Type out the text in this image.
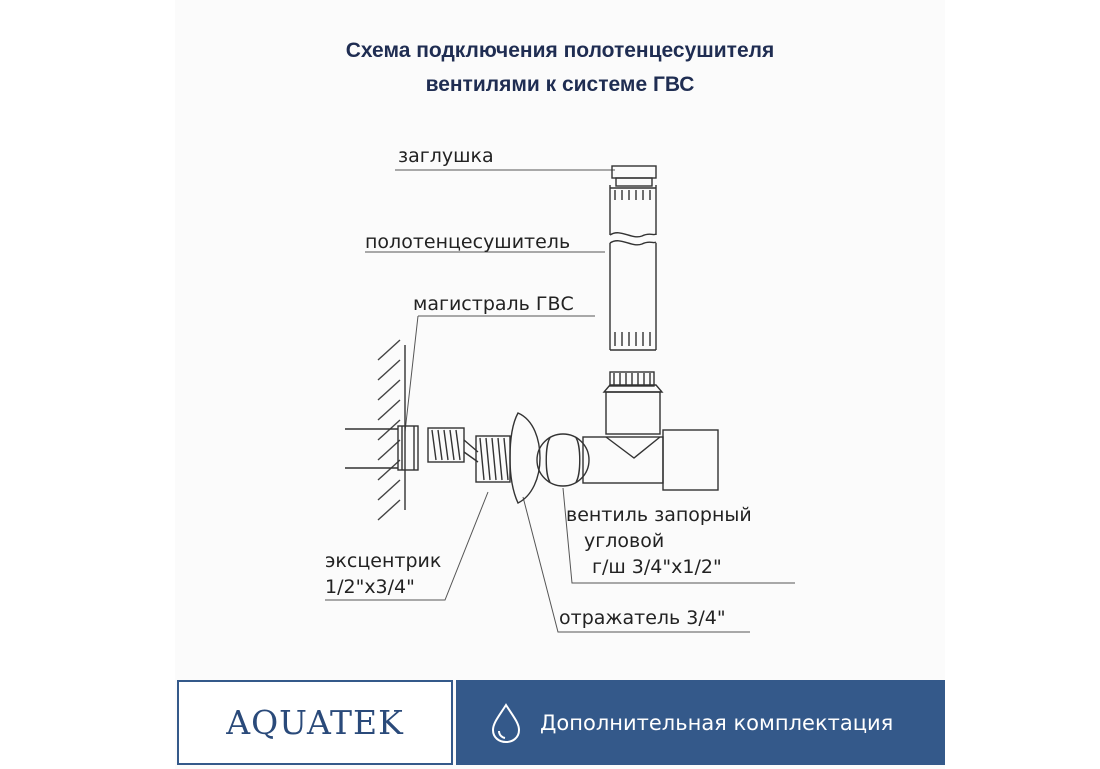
Схема подключения полотенцесушителя
вентилями к системе ГВС
заглушка
полотенцесушитель
магистраль ГВС
вентиль запорный
угловой
г/ш 3/4"x1/2"
эксцентрик
1/2"x3/4"
отражатель 3/4"
AQUATEK	Дополнительная комплектация
